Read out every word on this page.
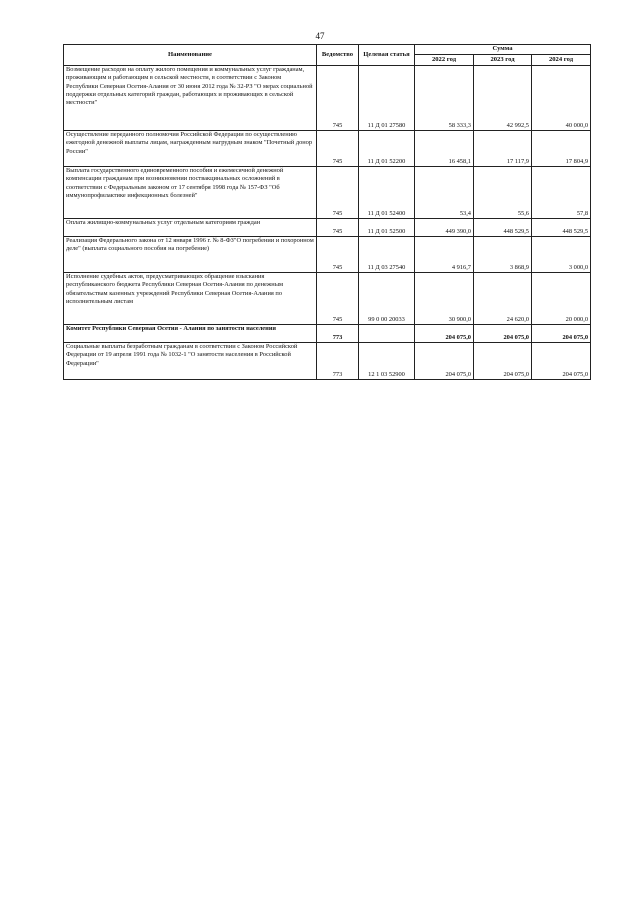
47
Наименование	Ведомство	Целевая статья	Сумма		
			2022 год	2023 год	2024 год
Возмещение расходов на оплату жилого помещения и коммунальных услуг гражданам, проживающим и работающим в сельской местности, в соответствии с Законом Республики Северная Осетия-Алания от 30 июня 2012 года № 32-РЗ "О мерах социальной поддержки отдельных категорий граждан, работающих и проживающих в сельской местности"	745	11 Д 01 27580	58 333,3	42 992,5	40 000,0
Осуществление переданного полномочия Российской Федерации по осуществлению ежегодной денежной выплаты лицам, награжденным нагрудным знаком "Почетный донор России"	745	11 Д 01 52200	16 458,1	17 117,9	17 804,9
Выплата государственного единовременного пособия и ежемесячной денежной компенсации гражданам при возникновении поствакцинальных осложнений в соответствии с Федеральным законом от 17 сентября 1998 года № 157-ФЗ "Об иммунопрофилактике инфекционных болезней"	745	11 Д 01 52400	53,4	55,6	57,8
Оплата жилищно-коммунальных услуг отдельным категориям граждан	745	11 Д 01 52500	449 390,0	448 529,5	448 529,5
Реализация Федерального закона от 12 января 1996 г. № 8-ФЗ"О погребении и похоронном деле" (выплата социального пособия на погребение)	745	11 Д 03 27540	4 916,7	3 868,9	3 000,0
Исполнение судебных актов, предусматривающих обращение взыскания республиканского бюджета Республики Северная Осетия-Алания по денежным обязательствам казенных учреждений Республики Северная Осетия-Алания по исполнительным листам	745	99 0 00 20033	30 900,0	24 620,0	20 000,0
Комитет Республики Северная Осетия - Алания по занятости населения	773		204 075,0	204 075,0	204 075,0
Социальные выплаты безработным гражданам в соответствии с Законом Российской Федерации от 19 апреля 1991 года № 1032-1 "О занятости населения в Российской Федерации"	773	12 1 03 52900	204 075,0	204 075,0	204 075,0
